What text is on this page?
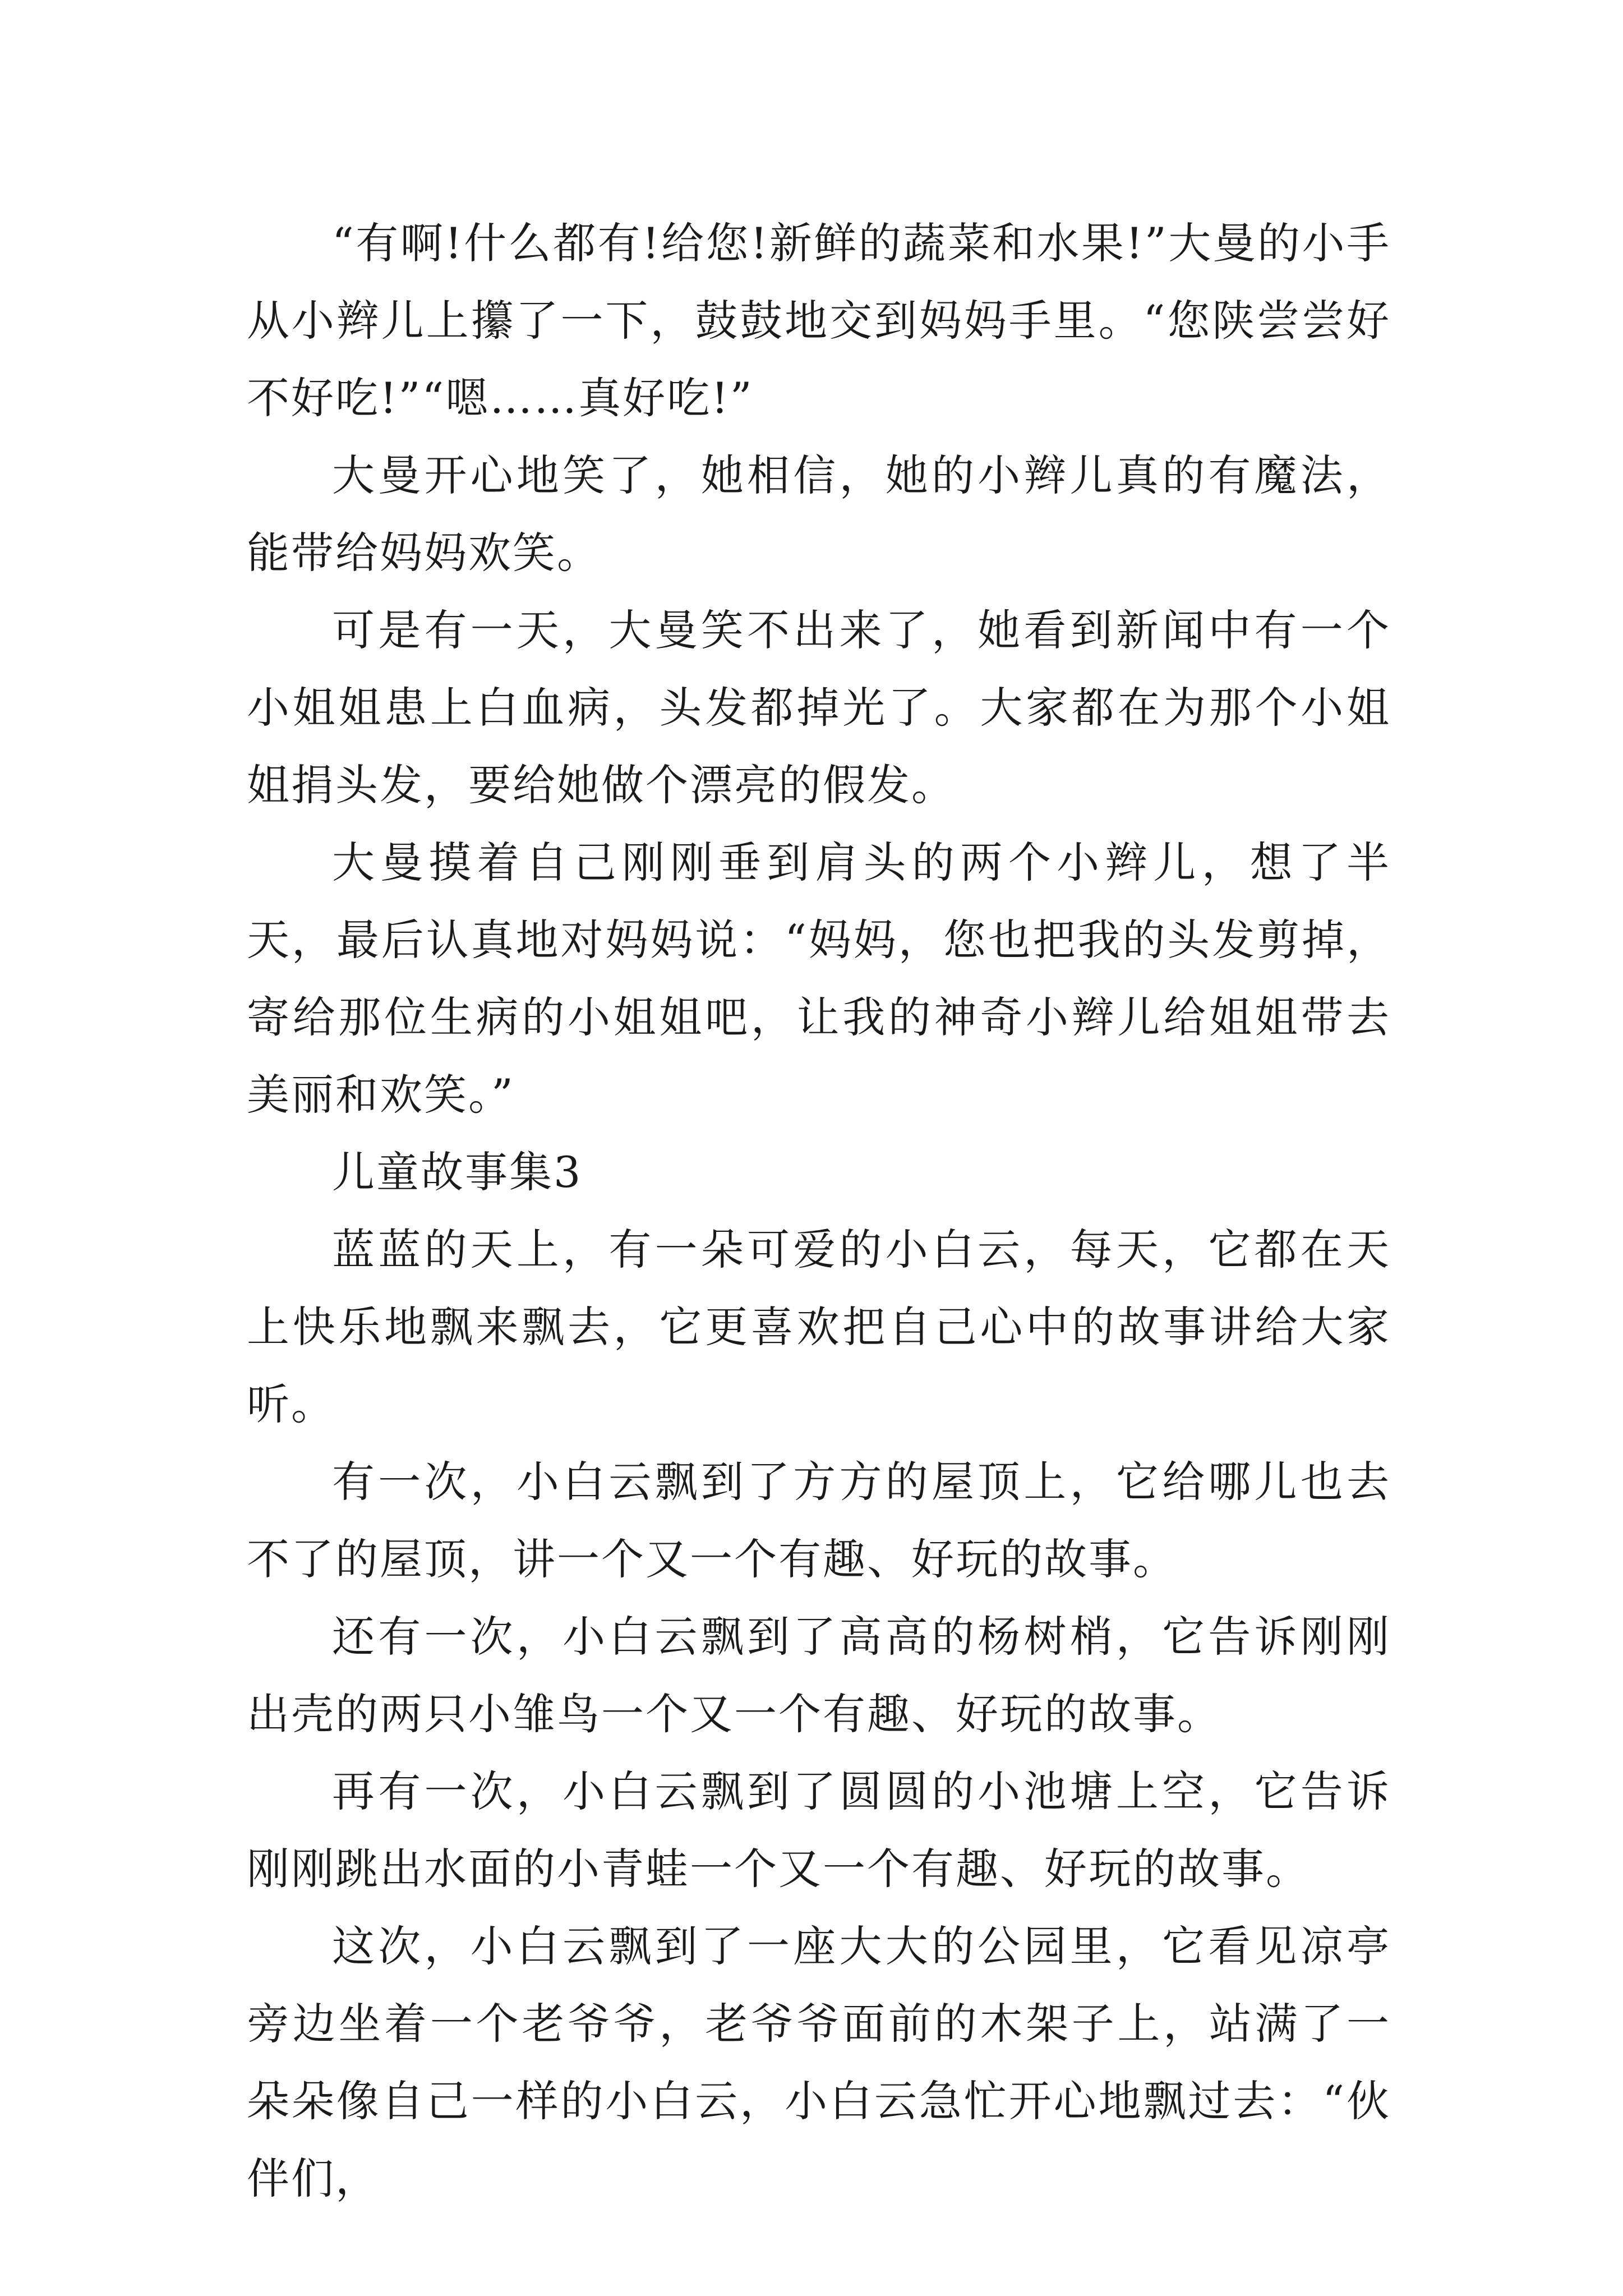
“有啊!什么都有!给您!新鲜的蔬菜和水果!”大曼的小手从小辫儿上攥了一下，鼓鼓地交到妈妈手里。“您陕尝尝好不好吃!”“嗯……真好吃!”

大曼开心地笑了，她相信，她的小辫儿真的有魔法，能带给妈妈欢笑。

可是有一天，大曼笑不出来了，她看到新闻中有一个小姐姐患上白血病，头发都掉光了。大家都在为那个小姐姐捐头发，要给她做个漂亮的假发。

大曼摸着自己刚刚垂到肩头的两个小辫儿，想了半天，最后认真地对妈妈说：“妈妈，您也把我的头发剪掉，寄给那位生病的小姐姐吧，让我的神奇小辫儿给姐姐带去美丽和欢笑。”

儿童故事集3

蓝蓝的天上，有一朵可爱的小白云，每天，它都在天上快乐地飘来飘去，它更喜欢把自己心中的故事讲给大家听。

有一次，小白云飘到了方方的屋顶上，它给哪儿也去不了的屋顶，讲一个又一个有趣、好玩的故事。

还有一次，小白云飘到了高高的杨树梢，它告诉刚刚出壳的两只小雏鸟一个又一个有趣、好玩的故事。

再有一次，小白云飘到了圆圆的小池塘上空，它告诉刚刚跳出水面的小青蛙一个又一个有趣、好玩的故事。

这次，小白云飘到了一座大大的公园里，它看见凉亭旁边坐着一个老爷爷，老爷爷面前的木架子上，站满了一朵朵像自己一样的小白云，小白云急忙开心地飘过去：“伙伴们，
